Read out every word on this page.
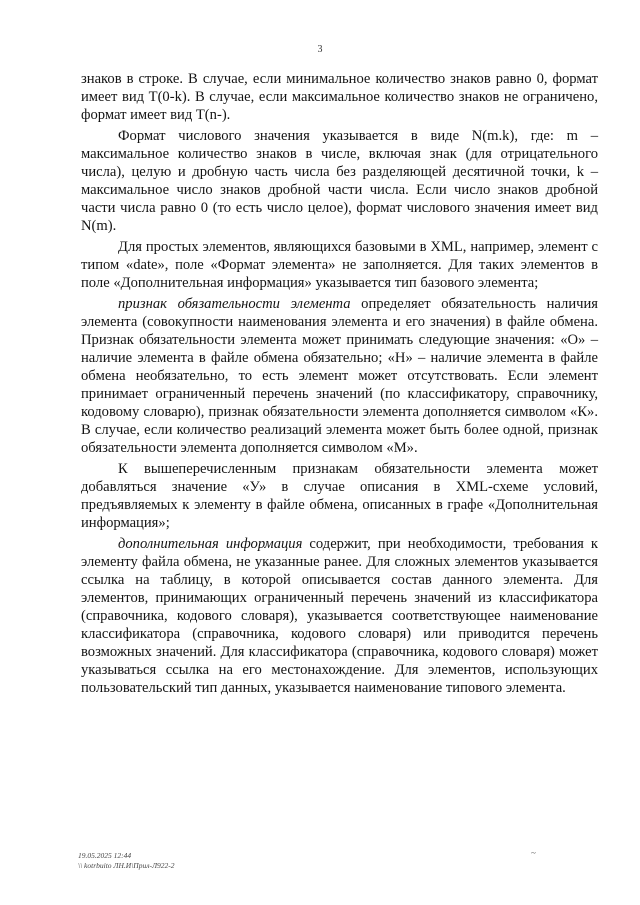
3

знаков в строке. В случае, если минимальное количество знаков равно 0, формат имеет вид T(0-k). В случае, если максимальное количество знаков не ограничено, формат имеет вид T(n-).

Формат числового значения указывается в виде N(m.k), где: m – максимальное количество знаков в числе, включая знак (для отрицательного числа), целую и дробную часть числа без разделяющей десятичной точки, k – максимальное число знаков дробной части числа. Если число знаков дробной части числа равно 0 (то есть число целое), формат числового значения имеет вид N(m).

Для простых элементов, являющихся базовыми в XML, например, элемент с типом «date», поле «Формат элемента» не заполняется. Для таких элементов в поле «Дополнительная информация» указывается тип базового элемента;

признак обязательности элемента определяет обязательность наличия элемента (совокупности наименования элемента и его значения) в файле обмена. Признак обязательности элемента может принимать следующие значения: «О» – наличие элемента в файле обмена обязательно; «Н» – наличие элемента в файле обмена необязательно, то есть элемент может отсутствовать. Если элемент принимает ограниченный перечень значений (по классификатору, справочнику, кодовому словарю), признак обязательности элемента дополняется символом «К». В случае, если количество реализаций элемента может быть более одной, признак обязательности элемента дополняется символом «М».

К вышеперечисленным признакам обязательности элемента может добавляться значение «У» в случае описания в XML-схеме условий, предъявляемых к элементу в файле обмена, описанных в графе «Дополнительная информация»;

дополнительная информация содержит, при необходимости, требования к элементу файла обмена, не указанные ранее. Для сложных элементов указывается ссылка на таблицу, в которой описывается состав данного элемента. Для элементов, принимающих ограниченный перечень значений из классификатора (справочника, кодового словаря), указывается соответствующее наименование классификатора (справочника, кодового словаря) или приводится перечень возможных значений. Для классификатора (справочника, кодового словаря) может указываться ссылка на его местонахождение. Для элементов, использующих пользовательский тип данных, указывается наименование типового элемента.

19.05.2025 12:44
\\ kotrbuito ЛН.И\Прил-Л922-2
~
